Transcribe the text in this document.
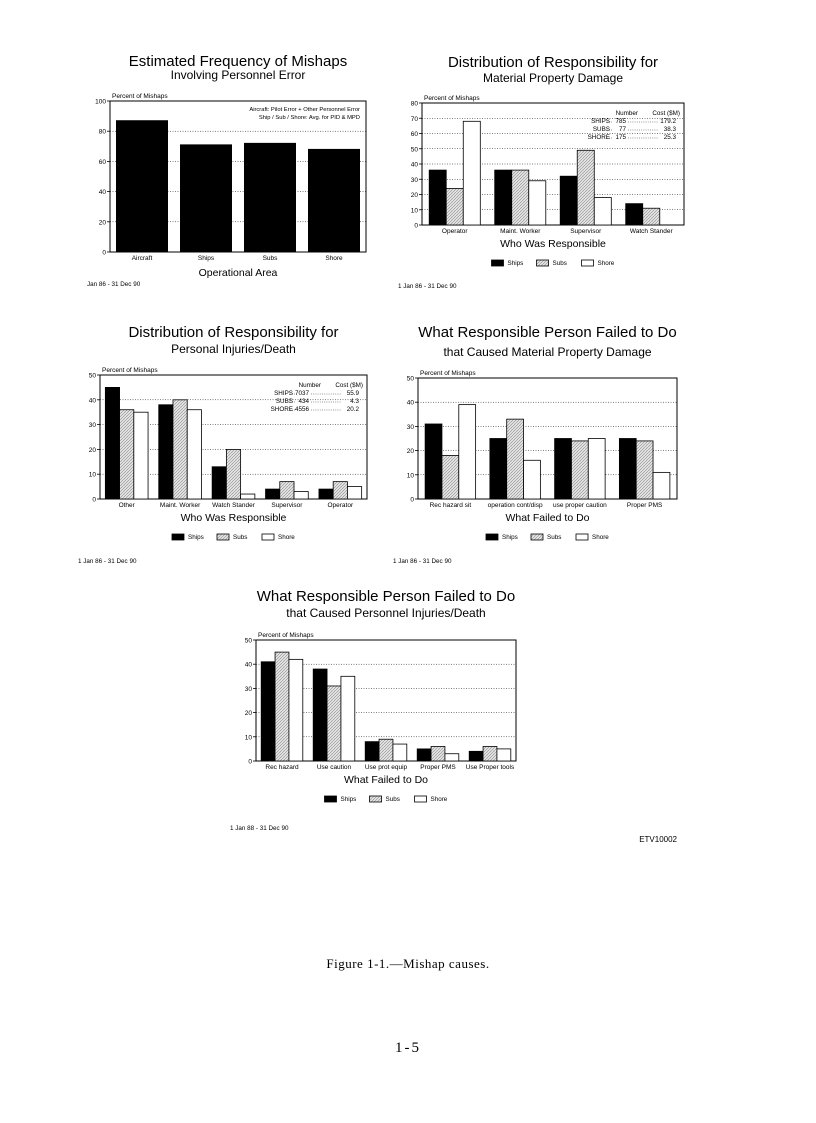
Estimated Frequency of Mishaps
Involving Personnel Error
Percent of Mishaps
0
20
40
60
80
100
Aircraft	Ships	Subs	Shore
Operational Area
Aircraft: Pilot Error + Other Personnel Error
Ship / Sub / Shore: Avg. for PID & MPD
Jan 86 - 31 Dec 90
Distribution of Responsibility for
Material Property Damage
Percent of Mishaps
0
10
20
30
40
50
60
70
80
Operator	Maint. Worker	Supervisor	Watch Stander
Who Was Responsible
Number Cost ($M)
SHIPS 785	179.2
SUBS 77	38.3
SHORE 175	25.3
Ships	Subs	Shore
1 Jan 86 - 31 Dec 90
Distribution of Responsibility for
Personal Injuries/Death
Percent of Mishaps
0
10
20
30
40
50
Other	Maint. Worker Watch Stander	Supervisor	Operator
Who Was Responsible
Number Cost ($M)
SHIPS 7037	55.9
SUBS 434	4.3
SHORE 4556	20.2
Ships	Subs	Shore
1 Jan 86 - 31 Dec 90
What Responsible Person Failed to Do
that Caused Material Property Damage
Percent of Mishaps
0
10
20
30
40
50
Rec hazard sit	operation cont/disp use proper caution	Proper PMS
What Failed to Do
Ships	Subs	Shore
1 Jan 86 - 31 Dec 90
What Responsible Person Failed to Do
that Caused Personnel Injuries/Death
Percent of Mishaps
0
10
20
30
40
50
Rec hazard	Use caution Use prot equip Proper PMS Use Proper tools
What Failed to Do
Ships	Subs	Shore
1 Jan 88 - 31 Dec 90
ETV10002
Figure 1-1.—Mishap causes.
1-5
